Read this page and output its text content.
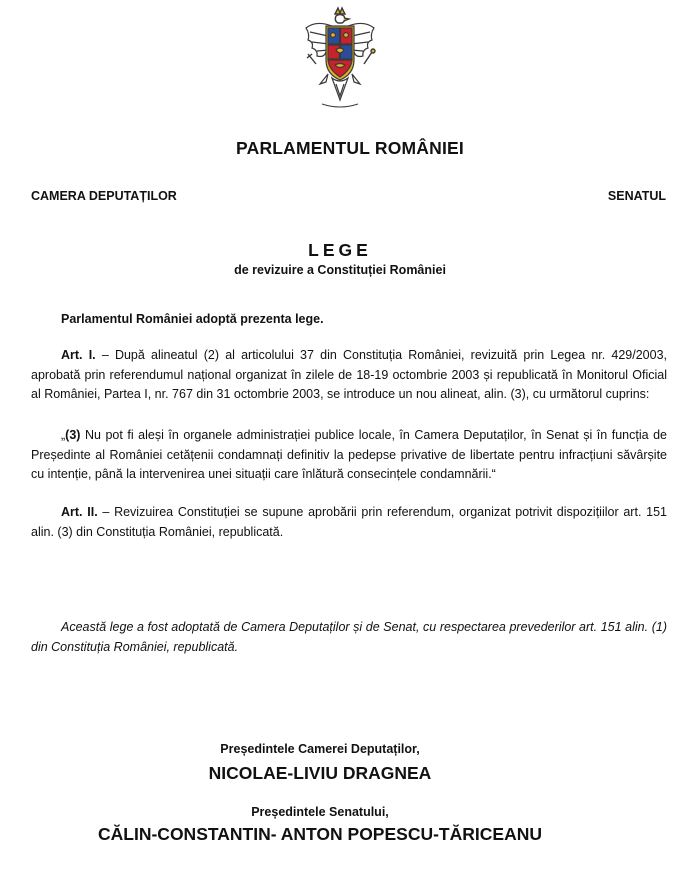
PARLAMENTUL ROMÂNIEI
CAMERA DEPUTAȚILOR	SENATUL
LEGE
de revizuire a Constituției României

Parlamentul României adoptă prezenta lege.

Art. I. – După alineatul (2) al articolului 37 din Constituția României, revizuită prin Legea nr. 429/2003, aprobată prin referendumul național organizat în zilele de 18-19 octombrie 2003 și republicată în Monitorul Oficial al României, Partea I, nr. 767 din 31 octombrie 2003, se introduce un nou alineat, alin. (3), cu următorul cuprins:

„(3) Nu pot fi aleși în organele administrației publice locale, în Camera Deputaților, în Senat și în funcția de Președinte al României cetățenii condamnați definitiv la pedepse privative de libertate pentru infracțiuni săvârșite cu intenție, până la intervenirea unei situații care înlătură consecințele condamnării.“

Art. II. – Revizuirea Constituției se supune aprobării prin referendum, organizat potrivit dispozițiilor art. 151 alin. (3) din Constituția României, republicată.

Această lege a fost adoptată de Camera Deputaților și de Senat, cu respectarea prevederilor art. 151 alin. (1) din Constituția României, republicată.

Președintele Camerei Deputaților,
NICOLAE-LIVIU DRAGNEA
Președintele Senatului,
CĂLIN-CONSTANTIN- ANTON POPESCU-TĂRICEANU
